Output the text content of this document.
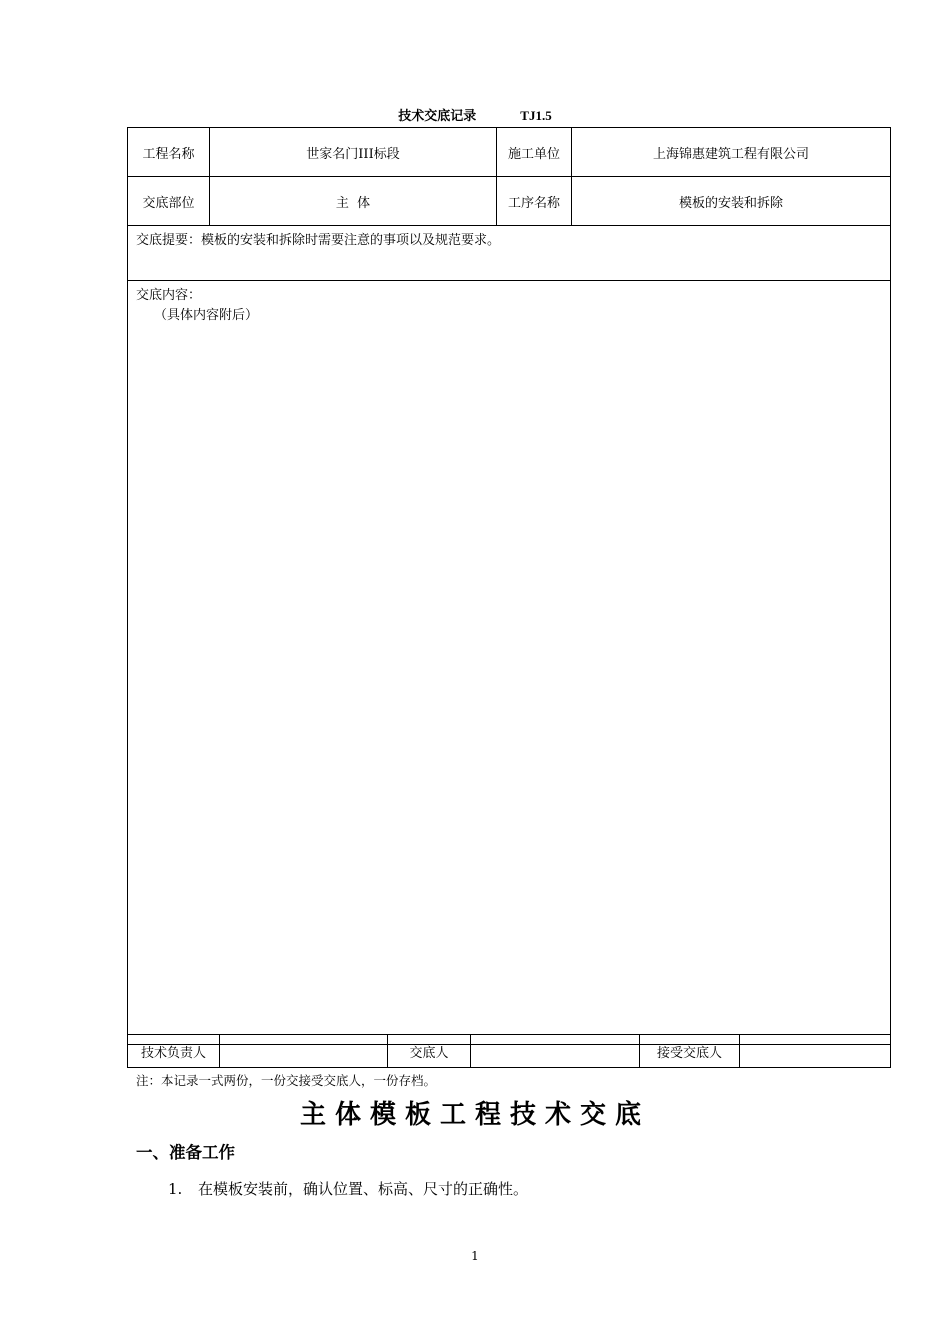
技术交底记录	TJ1.5
工程名称	世家名门III标段	施工单位	上海锦惠建筑工程有限公司
交底部位	主  体	工序名称	模板的安装和拆除
交底提要：模板的安装和拆除时需要注意的事项以及规范要求。			

交底内容：
（具体内容附后）			
技术负责人		交底人		接受交底人	
注：本记录一式两份，一份交接受交底人，一份存档。
主体模板工程技术交底
一、准备工作
1. 在模板安装前，确认位置、标高、尺寸的正确性。
1
